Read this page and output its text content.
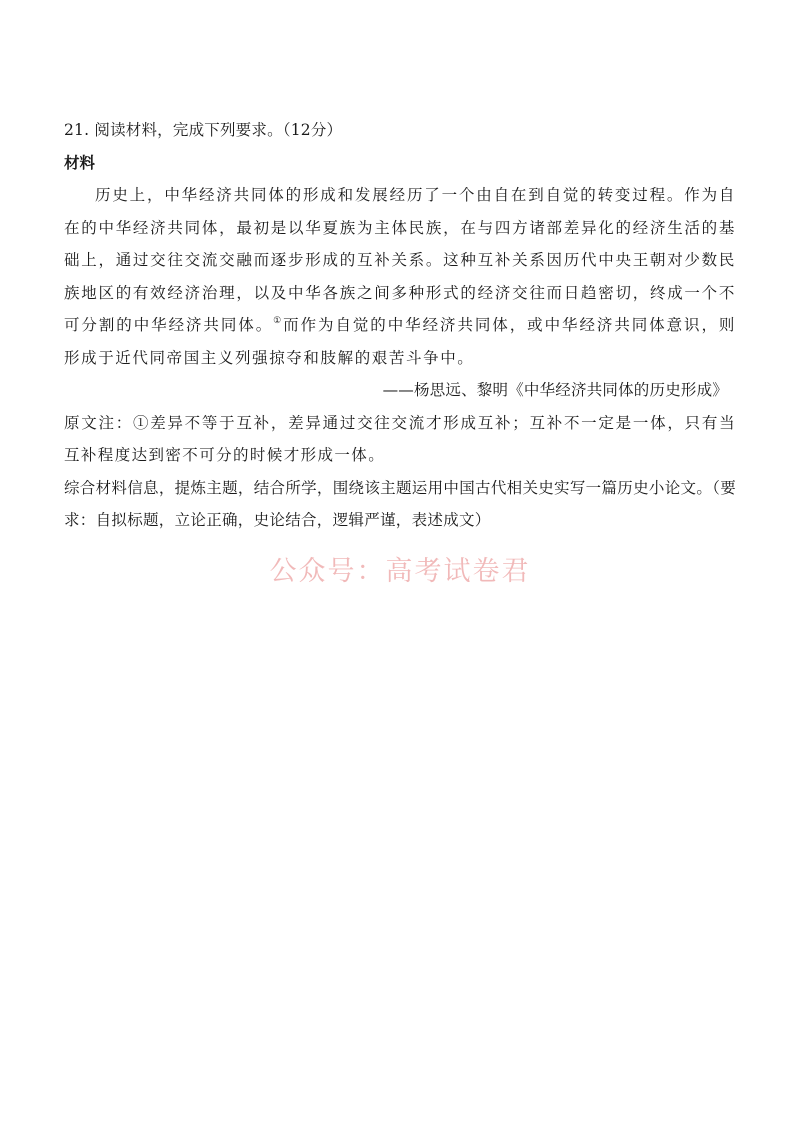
21. 阅读材料，完成下列要求。（12分）
材料
历史上，中华经济共同体的形成和发展经历了一个由自在到自觉的转变过程。作为自在的中华经济共同体，最初是以华夏族为主体民族，在与四方诸部差异化的经济生活的基础上，通过交往交流交融而逐步形成的互补关系。这种互补关系因历代中央王朝对少数民族地区的有效经济治理，以及中华各族之间多种形式的经济交往而日趋密切，终成一个不可分割的中华经济共同体。①而作为自觉的中华经济共同体，或中华经济共同体意识，则形成于近代同帝国主义列强掠夺和肢解的艰苦斗争中。
——杨思远、黎明《中华经济共同体的历史形成》
原文注：①差异不等于互补，差异通过交往交流才形成互补；互补不一定是一体，只有当互补程度达到密不可分的时候才形成一体。
综合材料信息，提炼主题，结合所学，围绕该主题运用中国古代相关史实写一篇历史小论文。（要求：自拟标题，立论正确，史论结合，逻辑严谨，表述成文）
公众号：高考试卷君
